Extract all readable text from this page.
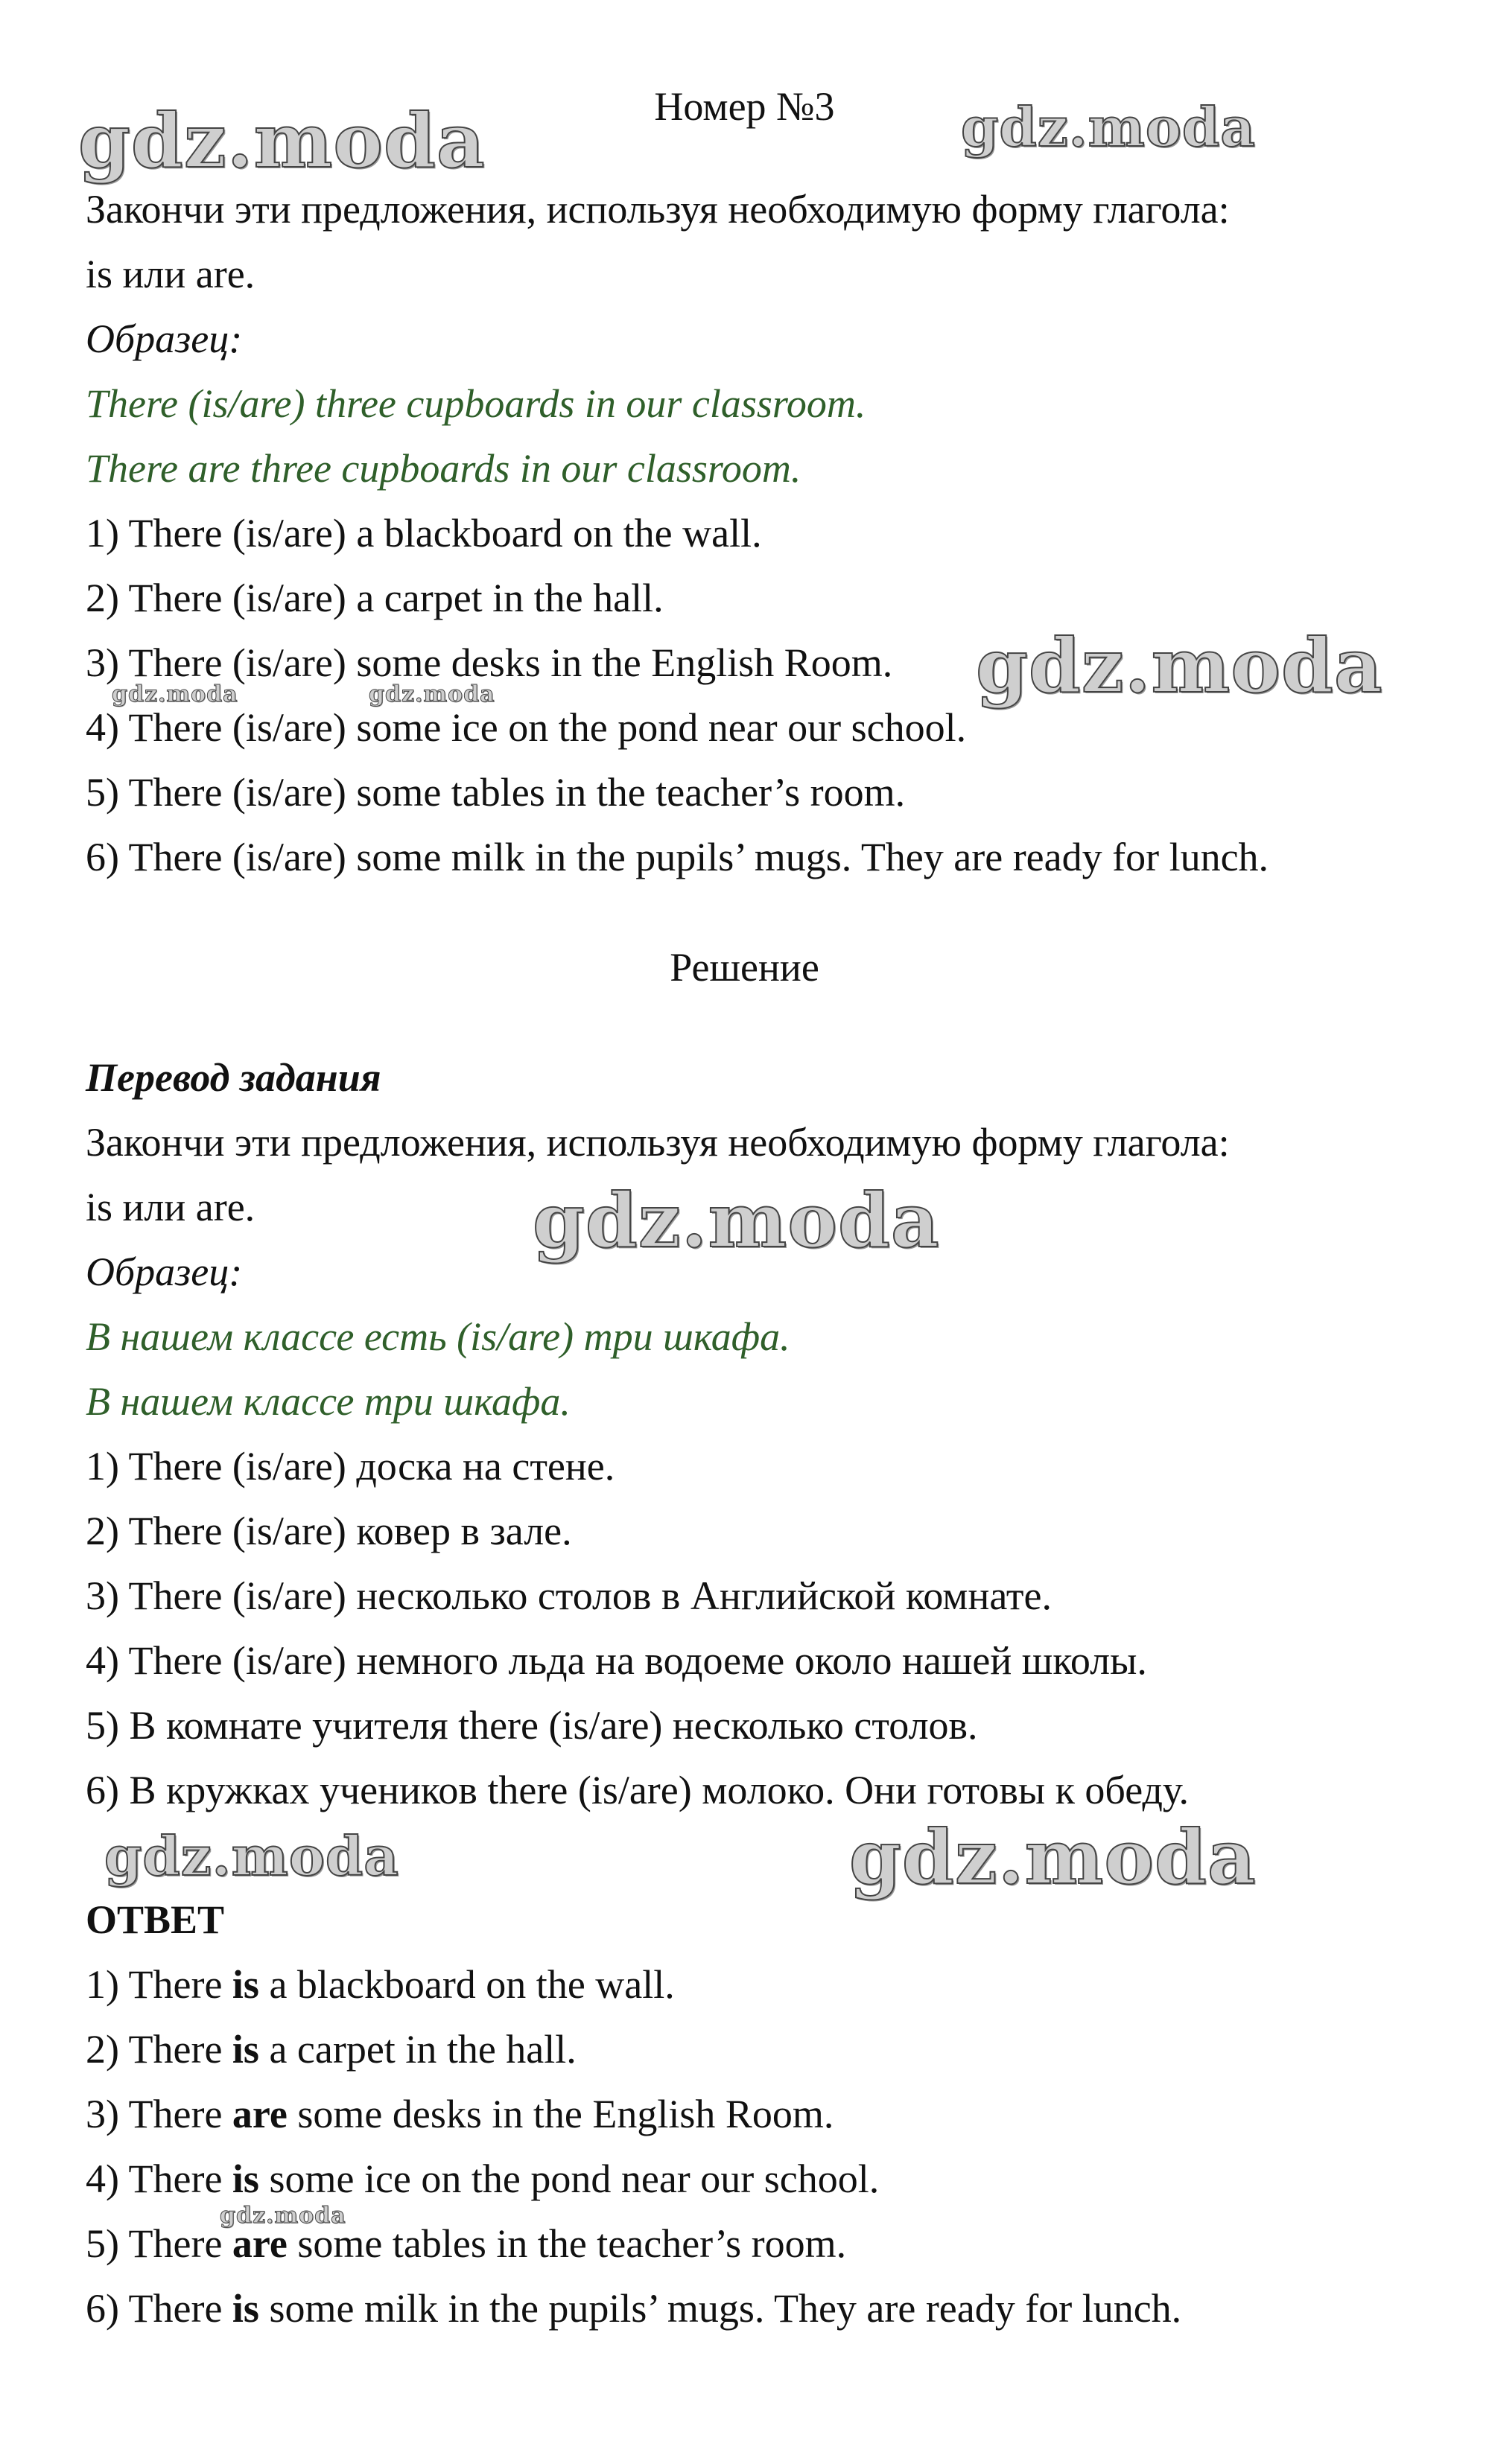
Номер №3
Закончи эти предложения, используя необходимую форму глагола:
is или are.
Образец:
There (is/are) three cupboards in our classroom.
There are three cupboards in our classroom.
1) There (is/are) a blackboard on the wall.
2) There (is/are) a carpet in the hall.
3) There (is/are) some desks in the English Room.
4) There (is/are) some ice on the pond near our school.
5) There (is/are) some tables in the teacher’s room.
6) There (is/are) some milk in the pupils’ mugs. They are ready for lunch.
Решение
Перевод задания
Закончи эти предложения, используя необходимую форму глагола:
is или are.
Образец:
В нашем классе есть (is/are) три шкафа.
В нашем классе три шкафа.
1) There (is/are) доска на стене.
2) There (is/are) ковер в зале.
3) There (is/are) несколько столов в Английской комнате.
4) There (is/are) немного льда на водоеме около нашей школы.
5) В комнате учителя there (is/are) несколько столов.
6) В кружках учеников there (is/are) молоко. Они готовы к обеду.
ОТВЕТ
1) There is a blackboard on the wall.
2) There is a carpet in the hall.
3) There are some desks in the English Room.
4) There is some ice on the pond near our school.
5) There are some tables in the teacher’s room.
6) There is some milk in the pupils’ mugs. They are ready for lunch.
gdz.moda	gdz.moda
gdz.moda
gdz.moda	gdz.moda
gdz.moda
gdz.moda	gdz.moda
gdz.moda
